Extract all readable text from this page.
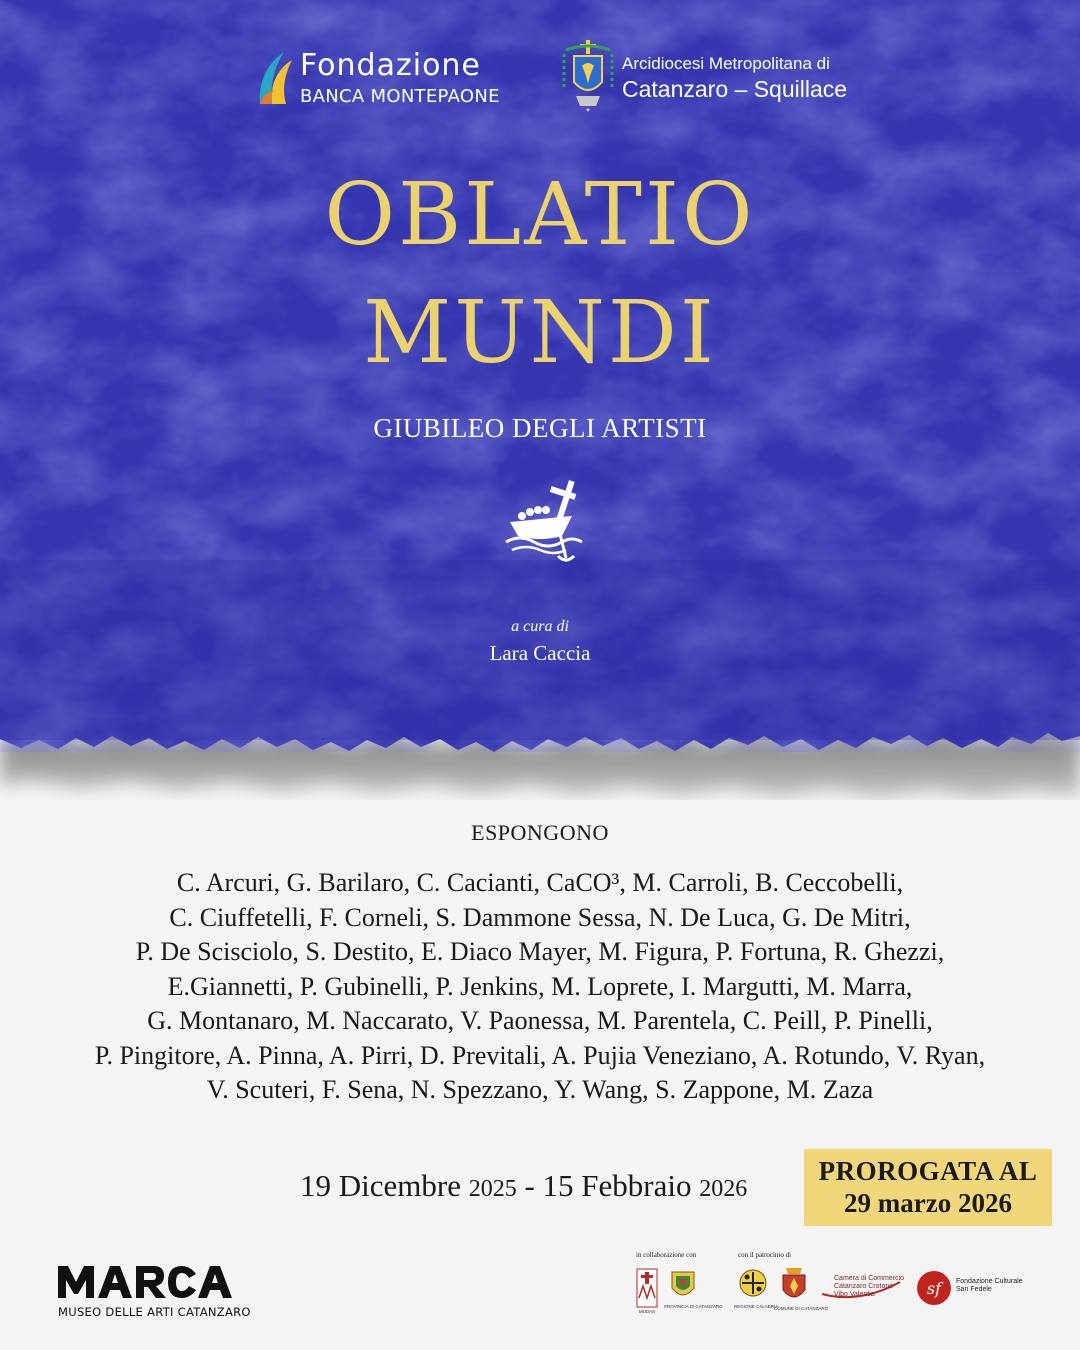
Fondazione
BANCA MONTEPAONE
✦
Arcidiocesi Metropolitana di
Catanzaro – Squillace
OBLATIO
MUNDI
GIUBILEO DEGLI ARTISTI
a cura di
Lara Caccia
ESPONGONO
C. Arcuri, G. Barilaro, C. Cacianti, CaCO³, M. Carroli, B. Ceccobelli,
C. Ciuffetelli, F. Corneli, S. Dammone Sessa, N. De Luca, G. De Mitri,
P. De Scisciolo, S. Destito, E. Diaco Mayer, M. Figura, P. Fortuna, R. Ghezzi,
E.Giannetti, P. Gubinelli, P. Jenkins, M. Loprete, I. Margutti, M. Marra,
G. Montanaro, M. Naccarato, V. Paonessa, M. Parentela, C. Peill, P. Pinelli,
P. Pingitore, A. Pinna, A. Pirri, D. Previtali, A. Pujia Veneziano, A. Rotundo, V. Ryan,
V. Scuteri, F. Sena, N. Spezzano, Y. Wang, S. Zappone, M. Zaza
19 Dicembre 2025 - 15 Febbraio 2026
PROROGATA AL
29 marzo 2026
MUSEO DELLE ARTI CATANZARO
in collaborazione con	con il patrocinio di
MUDAS
PROVINCIA DI CATANZARO	REGIONE CALABRIA
COMUNE DI CATANZARO
Camera di Commercio
Catanzaro Crotone
Vibo Valentia	sf	Fondazione Culturale
San Fedele
